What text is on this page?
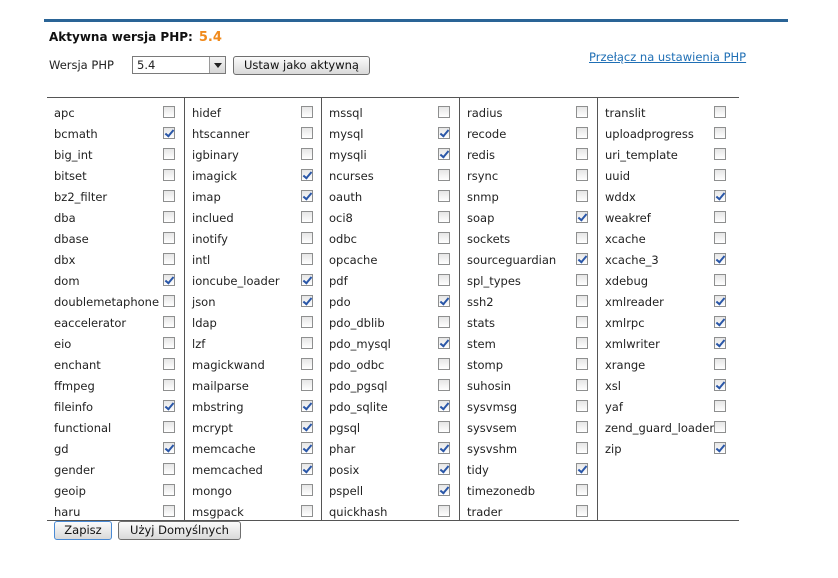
Aktywna wersja PHP: 5.4
Wersja PHP 5.4	Ustaw jako aktywną
Przełącz na ustawienia PHP
apc
bcmath
big_int
bitset
bz2_filter
dba
dbase
dbx
dom
doublemetaphone
eaccelerator
eio
enchant
ffmpeg
fileinfo
functional
gd
gender
geoip
haru
hidef
htscanner
igbinary
imagick
imap
inclued
inotify
intl
ioncube_loader
json
ldap
lzf
magickwand
mailparse
mbstring
mcrypt
memcache
memcached
mongo
msgpack
mssql
mysql
mysqli
ncurses
oauth
oci8
odbc
opcache
pdf
pdo
pdo_dblib
pdo_mysql
pdo_odbc
pdo_pgsql
pdo_sqlite
pgsql
phar
posix
pspell
quickhash
radius
recode
redis
rsync
snmp
soap
sockets
sourceguardian
spl_types
ssh2
stats
stem
stomp
suhosin
sysvmsg
sysvsem
sysvshm
tidy
timezonedb
trader
translit
uploadprogress
uri_template
uuid
wddx
weakref
xcache
xcache_3
xdebug
xmlreader
xmlrpc
xmlwriter
xrange
xsl
yaf
zend_guard_loader
zip
Zapisz	Użyj Domyślnych
